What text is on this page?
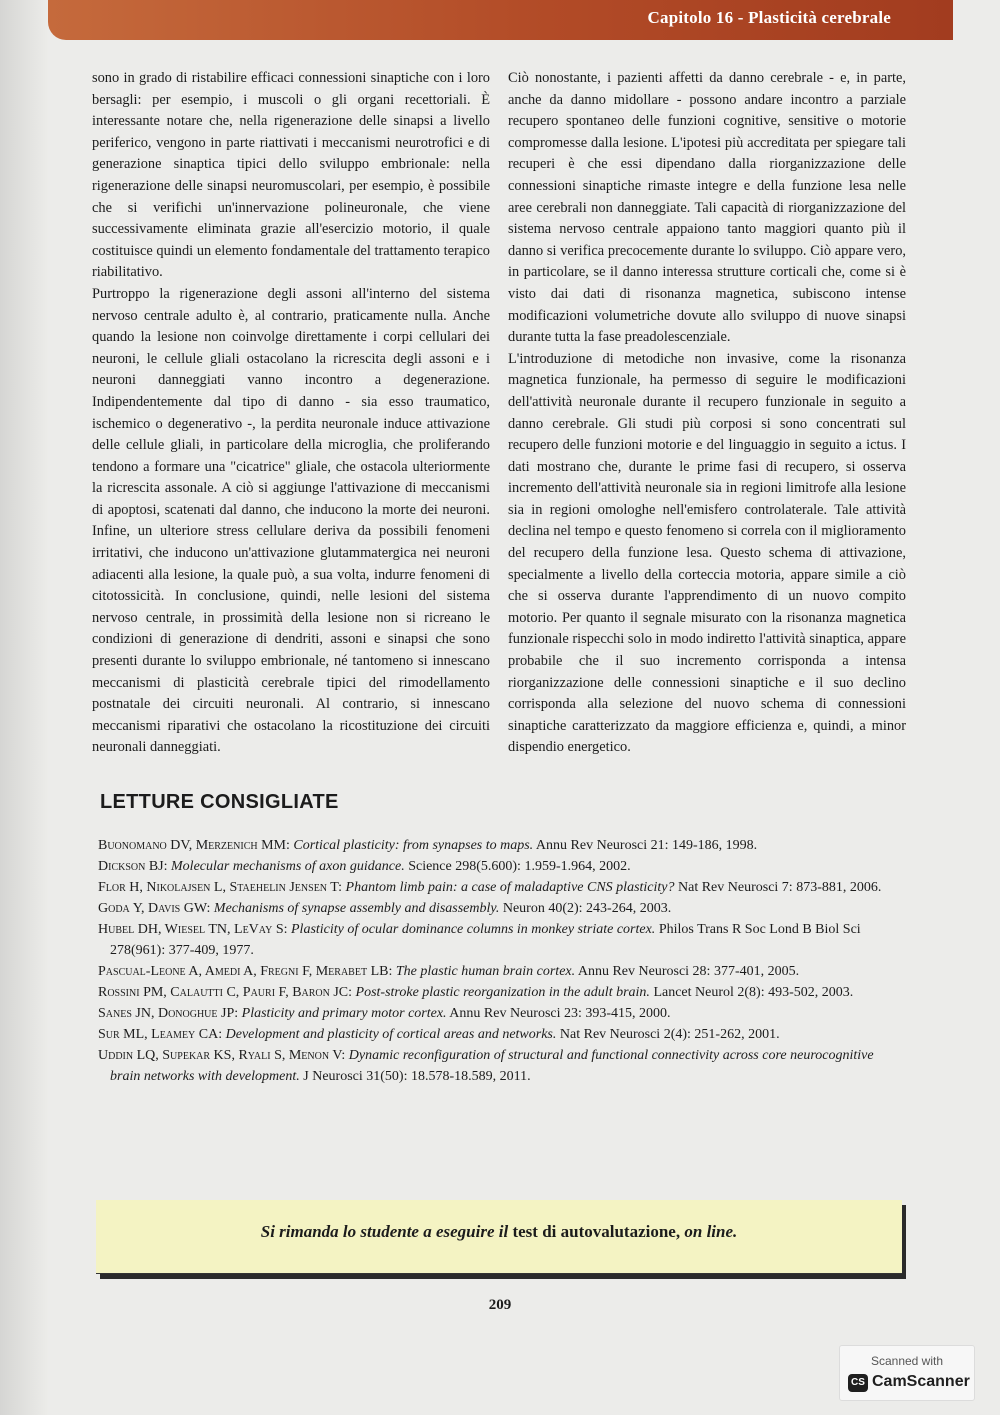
Capitolo 16 - Plasticità cerebrale

sono in grado di ristabilire efficaci connessioni sinaptiche con i loro bersagli: per esempio, i muscoli o gli organi recettoriali. È interessante notare che, nella rigenerazione delle sinapsi a livello periferico, vengono in parte riattivati i meccanismi neurotrofici e di generazione sinaptica tipici dello sviluppo embrionale: nella rigenerazione delle sinapsi neuromuscolari, per esempio, è possibile che si verifichi un'innervazione polineuronale, che viene successivamente eliminata grazie all'esercizio motorio, il quale costituisce quindi un elemento fondamentale del trattamento terapico riabilitativo.

Purtroppo la rigenerazione degli assoni all'interno del sistema nervoso centrale adulto è, al contrario, praticamente nulla. Anche quando la lesione non coinvolge direttamente i corpi cellulari dei neuroni, le cellule gliali ostacolano la ricrescita degli assoni e i neuroni danneggiati vanno incontro a degenerazione. Indipendentemente dal tipo di danno - sia esso traumatico, ischemico o degenerativo -, la perdita neuronale induce attivazione delle cellule gliali, in particolare della microglia, che proliferando tendono a formare una "cicatrice" gliale, che ostacola ulteriormente la ricrescita assonale. A ciò si aggiunge l'attivazione di meccanismi di apoptosi, scatenati dal danno, che inducono la morte dei neuroni. Infine, un ulteriore stress cellulare deriva da possibili fenomeni irritativi, che inducono un'attivazione glutammatergica nei neuroni adiacenti alla lesione, la quale può, a sua volta, indurre fenomeni di citotossicità. In conclusione, quindi, nelle lesioni del sistema nervoso centrale, in prossimità della lesione non si ricreano le condizioni di generazione di dendriti, assoni e sinapsi che sono presenti durante lo sviluppo embrionale, né tantomeno si innescano meccanismi di plasticità cerebrale tipici del rimodellamento postnatale dei circuiti neuronali. Al contrario, si innescano meccanismi riparativi che ostacolano la ricostituzione dei circuiti neuronali danneggiati.

Ciò nonostante, i pazienti affetti da danno cerebrale - e, in parte, anche da danno midollare - possono andare incontro a parziale recupero spontaneo delle funzioni cognitive, sensitive o motorie compromesse dalla lesione. L'ipotesi più accreditata per spiegare tali recuperi è che essi dipendano dalla riorganizzazione delle connessioni sinaptiche rimaste integre e della funzione lesa nelle aree cerebrali non danneggiate. Tali capacità di riorganizzazione del sistema nervoso centrale appaiono tanto maggiori quanto più il danno si verifica precocemente durante lo sviluppo. Ciò appare vero, in particolare, se il danno interessa strutture corticali che, come si è visto dai dati di risonanza magnetica, subiscono intense modificazioni volumetriche dovute allo sviluppo di nuove sinapsi durante tutta la fase preadolescenziale.

L'introduzione di metodiche non invasive, come la risonanza magnetica funzionale, ha permesso di seguire le modificazioni dell'attività neuronale durante il recupero funzionale in seguito a danno cerebrale. Gli studi più corposi si sono concentrati sul recupero delle funzioni motorie e del linguaggio in seguito a ictus. I dati mostrano che, durante le prime fasi di recupero, si osserva incremento dell'attività neuronale sia in regioni limitrofe alla lesione sia in regioni omologhe nell'emisfero controlaterale. Tale attività declina nel tempo e questo fenomeno si correla con il miglioramento del recupero della funzione lesa. Questo schema di attivazione, specialmente a livello della corteccia motoria, appare simile a ciò che si osserva durante l'apprendimento di un nuovo compito motorio. Per quanto il segnale misurato con la risonanza magnetica funzionale rispecchi solo in modo indiretto l'attività sinaptica, appare probabile che il suo incremento corrisponda a intensa riorganizzazione delle connessioni sinaptiche e il suo declino corrisponda alla selezione del nuovo schema di connessioni sinaptiche caratterizzato da maggiore efficienza e, quindi, a minor dispendio energetico.

LETTURE CONSIGLIATE

Buonomano DV, Merzenich MM: Cortical plasticity: from synapses to maps. Annu Rev Neurosci 21: 149-186, 1998.

Dickson BJ: Molecular mechanisms of axon guidance. Science 298(5.600): 1.959-1.964, 2002.

Flor H, Nikolajsen L, Staehelin Jensen T: Phantom limb pain: a case of maladaptive CNS plasticity? Nat Rev Neurosci 7: 873-881, 2006.

Goda Y, Davis GW: Mechanisms of synapse assembly and disassembly. Neuron 40(2): 243-264, 2003.

Hubel DH, Wiesel TN, LeVay S: Plasticity of ocular dominance columns in monkey striate cortex. Philos Trans R Soc Lond B Biol Sci 278(961): 377-409, 1977.

Pascual-Leone A, Amedi A, Fregni F, Merabet LB: The plastic human brain cortex. Annu Rev Neurosci 28: 377-401, 2005.

Rossini PM, Calautti C, Pauri F, Baron JC: Post-stroke plastic reorganization in the adult brain. Lancet Neurol 2(8): 493-502, 2003.

Sanes JN, Donoghue JP: Plasticity and primary motor cortex. Annu Rev Neurosci 23: 393-415, 2000.

Sur ML, Leamey CA: Development and plasticity of cortical areas and networks. Nat Rev Neurosci 2(4): 251-262, 2001.

Uddin LQ, Supekar KS, Ryali S, Menon V: Dynamic reconfiguration of structural and functional connectivity across core neurocognitive brain networks with development. J Neurosci 31(50): 18.578-18.589, 2011.

Si rimanda lo studente a eseguire il test di autovalutazione, on line.
209
Scanned with
CS CamScanner
